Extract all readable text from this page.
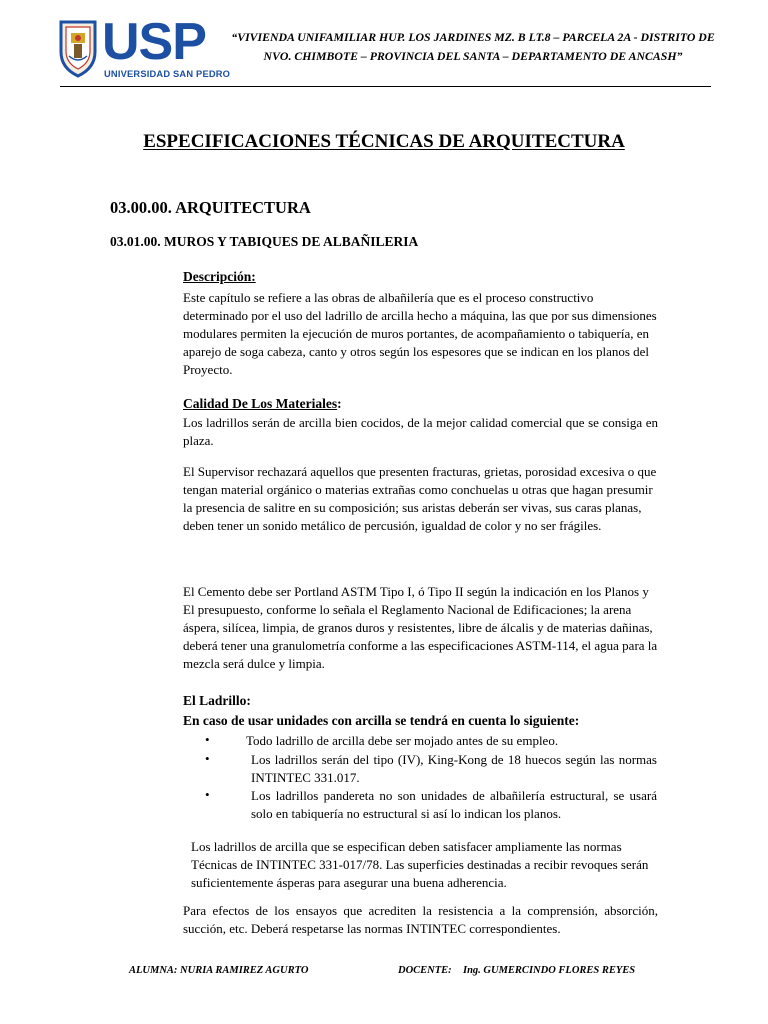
USP
UNIVERSIDAD SAN PEDRO
“VIVIENDA UNIFAMILIAR HUP. LOS JARDINES MZ. B LT.8 – PARCELA 2A - DISTRITO DE
NVO. CHIMBOTE – PROVINCIA DEL SANTA – DEPARTAMENTO DE ANCASH”
ESPECIFICACIONES TÉCNICAS DE ARQUITECTURA
03.00.00. ARQUITECTURA
03.01.00. MUROS Y TABIQUES DE ALBAÑILERIA
Descripción:
Este capítulo se refiere a las obras de albañilería que es el proceso constructivo determinado por el uso del ladrillo de arcilla hecho a máquina, las que por sus dimensiones modulares permiten la ejecución de muros portantes, de acompañamiento o tabiquería, en aparejo de soga cabeza, canto y otros según los espesores que se indican en los planos del Proyecto.
Calidad De Los Materiales:
Los ladrillos serán de arcilla bien cocidos, de la mejor calidad comercial que se consiga en plaza.
El Supervisor rechazará aquellos que presenten fracturas, grietas, porosidad excesiva o que tengan material orgánico o materias extrañas como conchuelas u otras que hagan presumir la presencia de salitre en su composición; sus aristas deberán ser vivas, sus caras planas, deben tener un sonido metálico de percusión, igualdad de color y no ser frágiles.
El Cemento debe ser Portland ASTM Tipo I, ó Tipo II según la indicación en los Planos y El presupuesto, conforme lo señala el Reglamento Nacional de Edificaciones; la arena áspera, silícea, limpia, de granos duros y resistentes, libre de álcalis y de materias dañinas, deberá tener una granulometría conforme a las especificaciones ASTM-114, el agua para la mezcla será dulce y limpia.
El Ladrillo:
En caso de usar unidades con arcilla se tendrá en cuenta lo siguiente:
•	Todo ladrillo de arcilla debe ser mojado antes de su empleo.
•	Los ladrillos serán del tipo (IV), King-Kong de 18 huecos según las normas INTINTEC 331.017.
•	Los ladrillos pandereta no son unidades de albañilería estructural, se usará solo en tabiquería no estructural si así lo indican los planos.
Los ladrillos de arcilla que se especifican deben satisfacer ampliamente las normas Técnicas de INTINTEC 331-017/78. Las superficies destinadas a recibir revoques serán suficientemente ásperas para asegurar una buena adherencia.
Para efectos de los ensayos que acrediten la resistencia a la comprensión, absorción, succión, etc. Deberá respetarse las normas INTINTEC correspondientes.
ALUMNA: NURIA RAMIREZ AGURTO	DOCENTE: Ing. GUMERCINDO FLORES REYES
